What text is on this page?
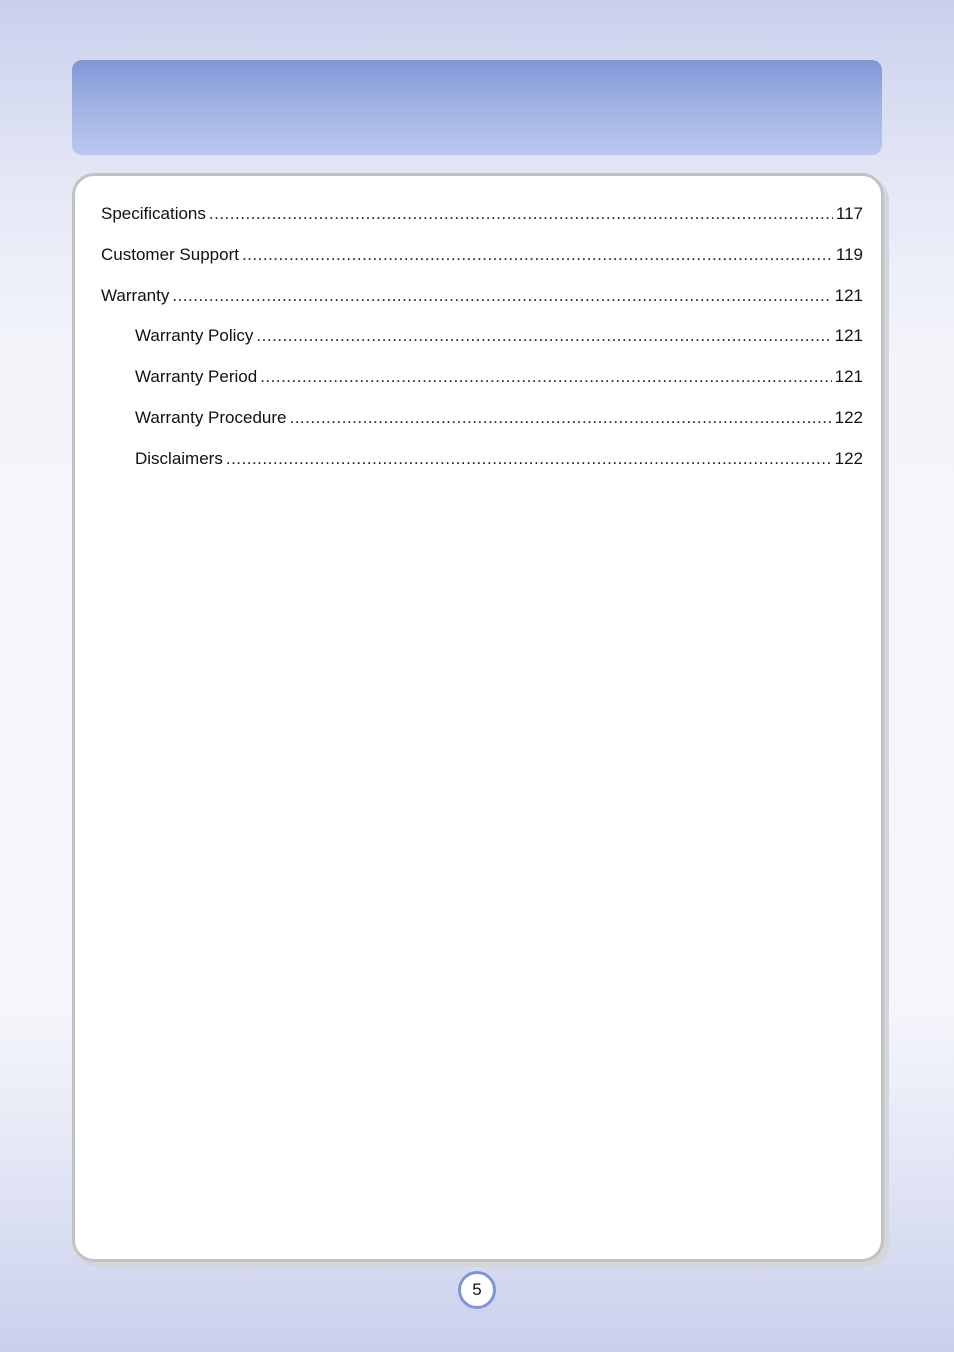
Specifications .....	117
Customer Support .....	119
Warranty .....	121
Warranty Policy .....	121
Warranty Period .....	121
Warranty Procedure .....	122
Disclaimers .....	122
5
